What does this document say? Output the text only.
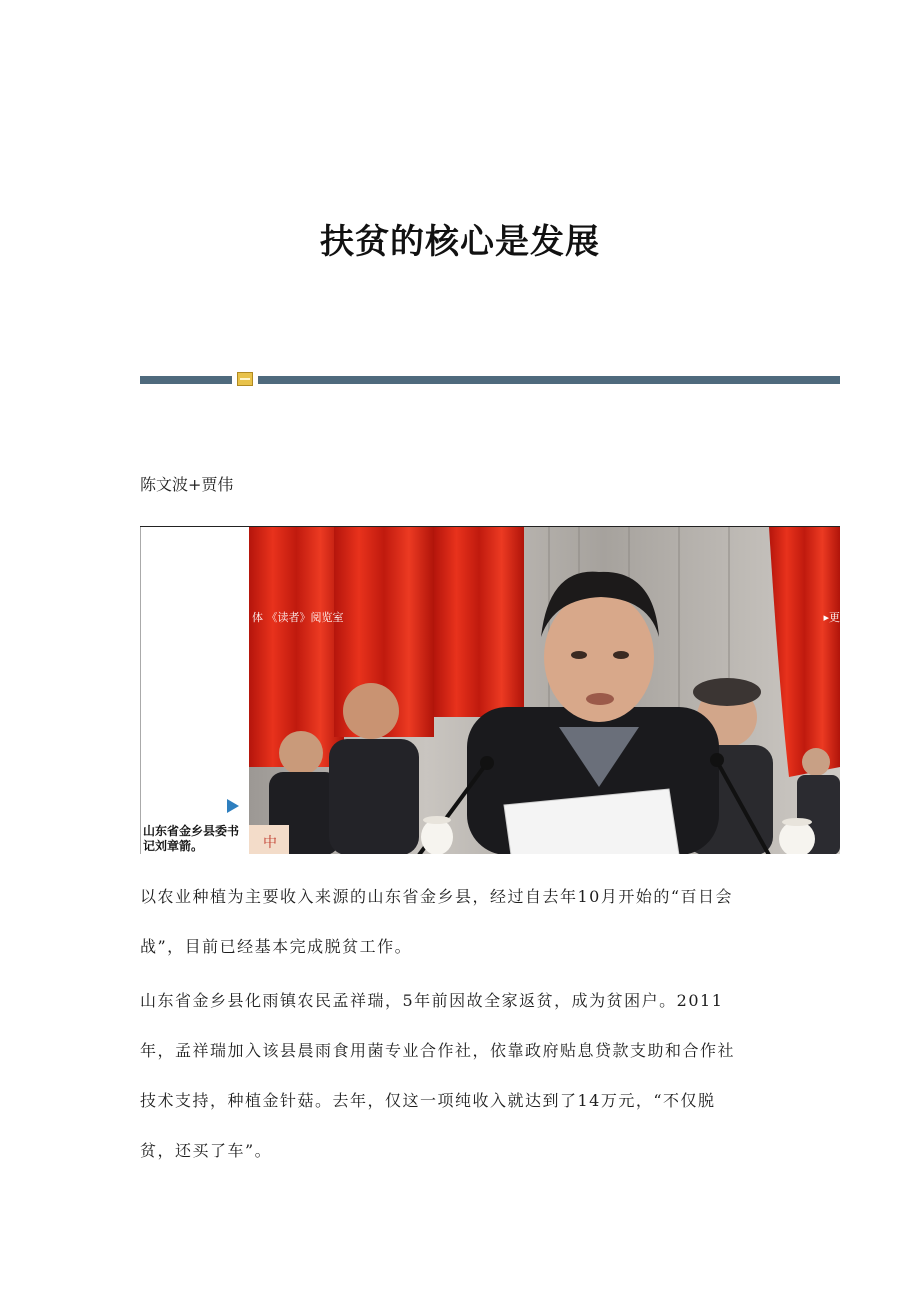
扶贫的核心是发展
陈文波+贾伟
山东省金乡县委书记刘章箭。	中
体 《读者》阅览室	▸更
以农业种植为主要收入来源的山东省金乡县，经过自去年10月开始的“百日会
战”，目前已经基本完成脱贫工作。
山东省金乡县化雨镇农民孟祥瑞，5年前因故全家返贫，成为贫困户。2011
年，孟祥瑞加入该县晨雨食用菌专业合作社，依靠政府贴息贷款支助和合作社
技术支持，种植金针菇。去年，仅这一项纯收入就达到了14万元，“不仅脱
贫，还买了车”。
